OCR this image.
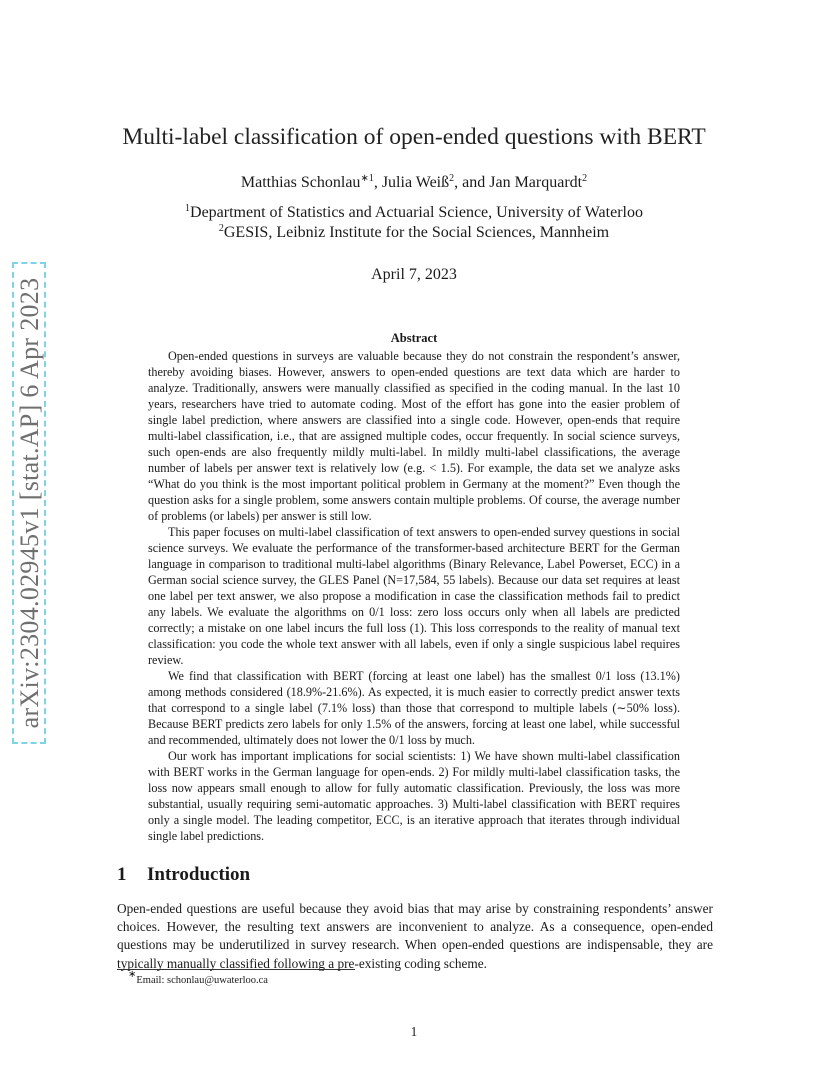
arXiv:2304.02945v1 [stat.AP] 6 Apr 2023
Multi-label classification of open-ended questions with BERT
Matthias Schonlau$^{∗1}$, Julia Weiß$^2$, and Jan Marquardt$^2$
$^1$Department of Statistics and Actuarial Science, University of Waterloo
$^2$GESIS, Leibniz Institute for the Social Sciences, Mannheim
April 7, 2023
Abstract

Open-ended questions in surveys are valuable because they do not constrain the respondent’s answer, thereby avoiding biases. However, answers to open-ended questions are text data which are harder to analyze. Traditionally, answers were manually classified as specified in the coding manual. In the last 10 years, researchers have tried to automate coding. Most of the effort has gone into the easier problem of single label prediction, where answers are classified into a single code. However, open-ends that require multi-label classification, i.e., that are assigned multiple codes, occur frequently. In social science surveys, such open-ends are also frequently mildly multi-label. In mildly multi-label classifications, the average number of labels per answer text is relatively low (e.g. < 1.5). For example, the data set we analyze asks “What do you think is the most important political problem in Germany at the moment?” Even though the question asks for a single problem, some answers contain multiple problems. Of course, the average number of problems (or labels) per answer is still low.

This paper focuses on multi-label classification of text answers to open-ended survey questions in social science surveys. We evaluate the performance of the transformer-based architecture BERT for the German language in comparison to traditional multi-label algorithms (Binary Relevance, Label Powerset, ECC) in a German social science survey, the GLES Panel (N=17,584, 55 labels). Because our data set requires at least one label per text answer, we also propose a modification in case the classification methods fail to predict any labels. We evaluate the algorithms on 0/1 loss: zero loss occurs only when all labels are predicted correctly; a mistake on one label incurs the full loss (1). This loss corresponds to the reality of manual text classification: you code the whole text answer with all labels, even if only a single suspicious label requires review.

We find that classification with BERT (forcing at least one label) has the smallest 0/1 loss (13.1%) among methods considered (18.9%-21.6%). As expected, it is much easier to correctly predict answer texts that correspond to a single label (7.1% loss) than those that correspond to multiple labels (∼50% loss). Because BERT predicts zero labels for only 1.5% of the answers, forcing at least one label, while successful and recommended, ultimately does not lower the 0/1 loss by much.

Our work has important implications for social scientists: 1) We have shown multi-label classification with BERT works in the German language for open-ends. 2) For mildly multi-label classification tasks, the loss now appears small enough to allow for fully automatic classification. Previously, the loss was more substantial, usually requiring semi-automatic approaches. 3) Multi-label classification with BERT requires only a single model. The leading competitor, ECC, is an iterative approach that iterates through individual single label predictions.

1 Introduction

Open-ended questions are useful because they avoid bias that may arise by constraining respondents’ answer choices. However, the resulting text answers are inconvenient to analyze. As a consequence, open-ended questions may be underutilized in survey research. When open-ended questions are indispensable, they are typically manually classified following a pre-existing coding scheme.

∗Email: schonlau@uwaterloo.ca
1
